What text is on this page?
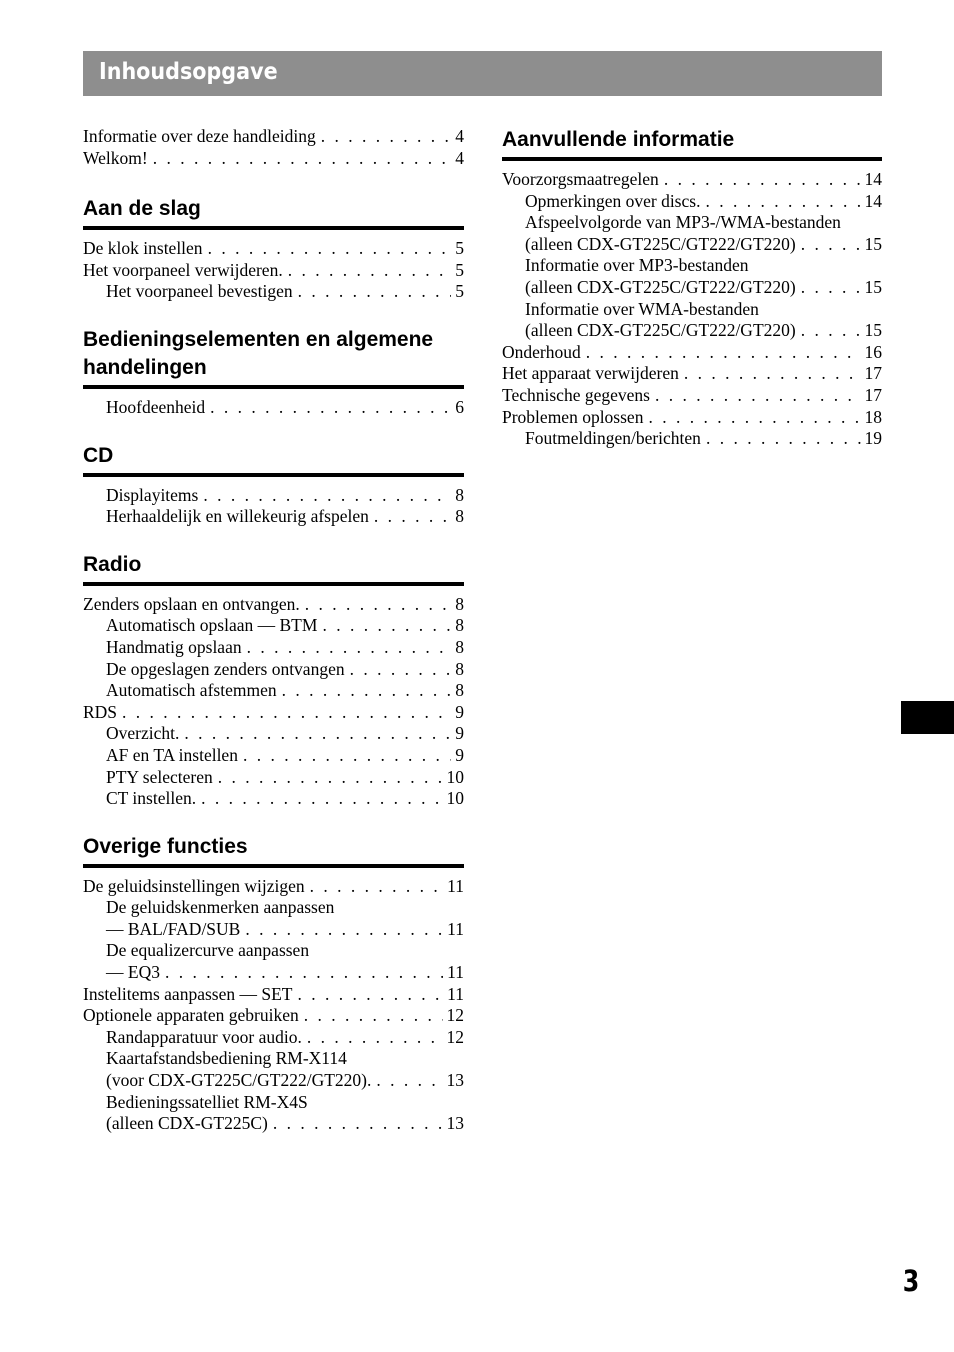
Inhoudsopgave
Informatie over deze handleiding . . .	4
Welkom! . . .	4
Aan de slag
De klok instellen . . .	5
Het voorpaneel verwijderen. . . .	5
Het voorpaneel bevestigen . . .	5
Bedieningselementen en algemene
handelingen
Hoofdeenheid . . .	6
CD
Displayitems . . .	8
Herhaaldelijk en willekeurig afspelen . . .	8
Radio
Zenders opslaan en ontvangen. . . .	8
Automatisch opslaan — BTM . . .	8
Handmatig opslaan . . .	8
De opgeslagen zenders ontvangen . . .	8
Automatisch afstemmen . . .	8
RDS . . .	9
Overzicht. . . .	9
AF en TA instellen . . .	9
PTY selecteren . . .	10
CT instellen. . . .	10
Overige functies
De geluidsinstellingen wijzigen . . .	11
De geluidskenmerken aanpassen
— BAL/FAD/SUB . . .	11
De equalizercurve aanpassen
— EQ3 . . .	11
Instelitems aanpassen — SET . . .	11
Optionele apparaten gebruiken . . .	12
Randapparatuur voor audio. . . .	12
Kaartafstandsbediening RM-X114
(voor CDX-GT225C/GT222/GT220). . . .	13
Bedieningssatelliet RM-X4S
(alleen CDX-GT225C) . . .	13
Aanvullende informatie
Voorzorgsmaatregelen . . .	14
Opmerkingen over discs. . . .	14
Afspeelvolgorde van MP3-/WMA-bestanden
(alleen CDX-GT225C/GT222/GT220) . . .	15
Informatie over MP3-bestanden
(alleen CDX-GT225C/GT222/GT220) . . .	15
Informatie over WMA-bestanden
(alleen CDX-GT225C/GT222/GT220) . . .	15
Onderhoud . . .	16
Het apparaat verwijderen . . .	17
Technische gegevens . . .	17
Problemen oplossen . . .	18
Foutmeldingen/berichten . . .	19
3
